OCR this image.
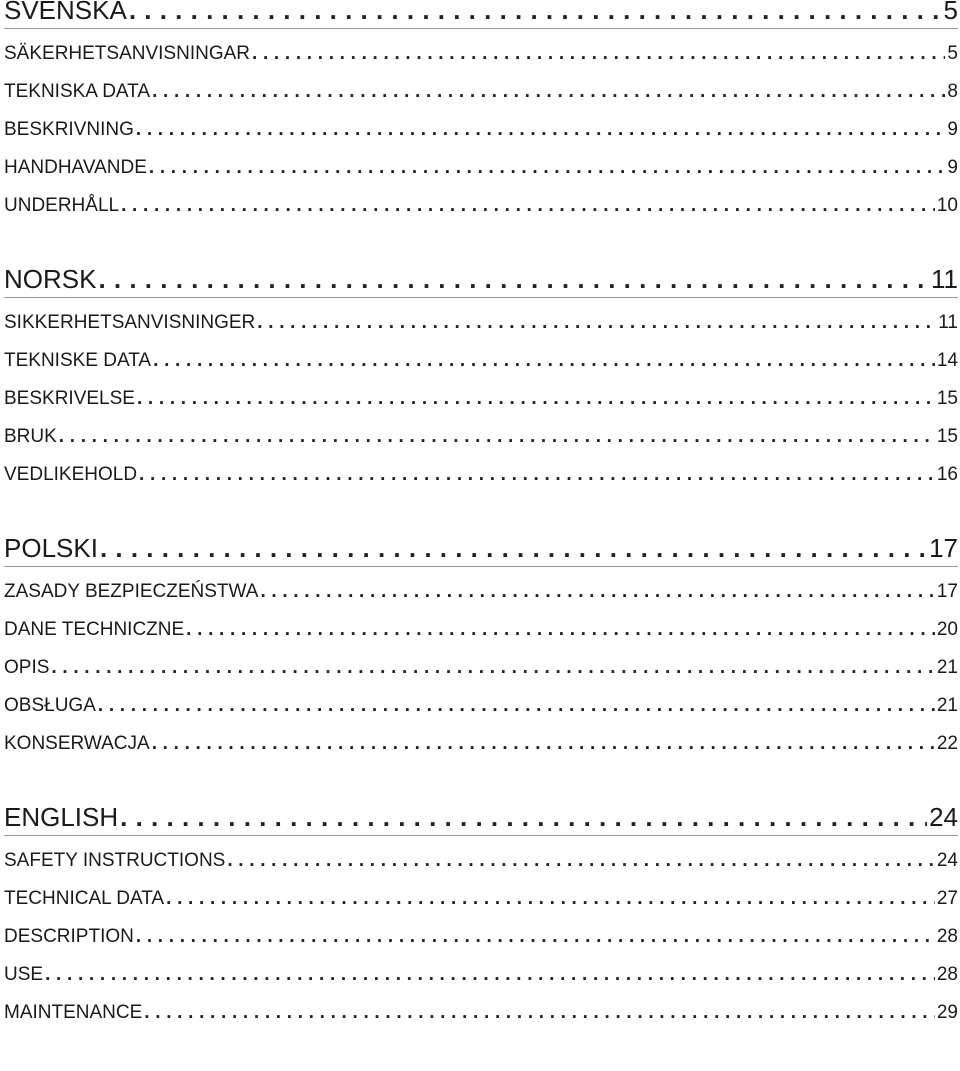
SVENSKA . . .	5
SÄKERHETSANVISNINGAR . . .	5
TEKNISKA DATA . . .	8
BESKRIVNING . . .	9
HANDHAVANDE . . .	9
UNDERHÅLL . . .	10
NORSK . . .	11
SIKKERHETSANVISNINGER . . .	11
TEKNISKE DATA . . .	14
BESKRIVELSE . . .	15
BRUK . . .	15
VEDLIKEHOLD . . .	16
POLSKI . . .	17
ZASADY BEZPIECZEŃSTWA . . .	17
DANE TECHNICZNE . . .	20
OPIS . . .	21
OBSŁUGA . . .	21
KONSERWACJA . . .	22
ENGLISH . . .	24
SAFETY INSTRUCTIONS . . .	24
TECHNICAL DATA . . .	27
DESCRIPTION . . .	28
USE . . .	28
MAINTENANCE . . .	29
